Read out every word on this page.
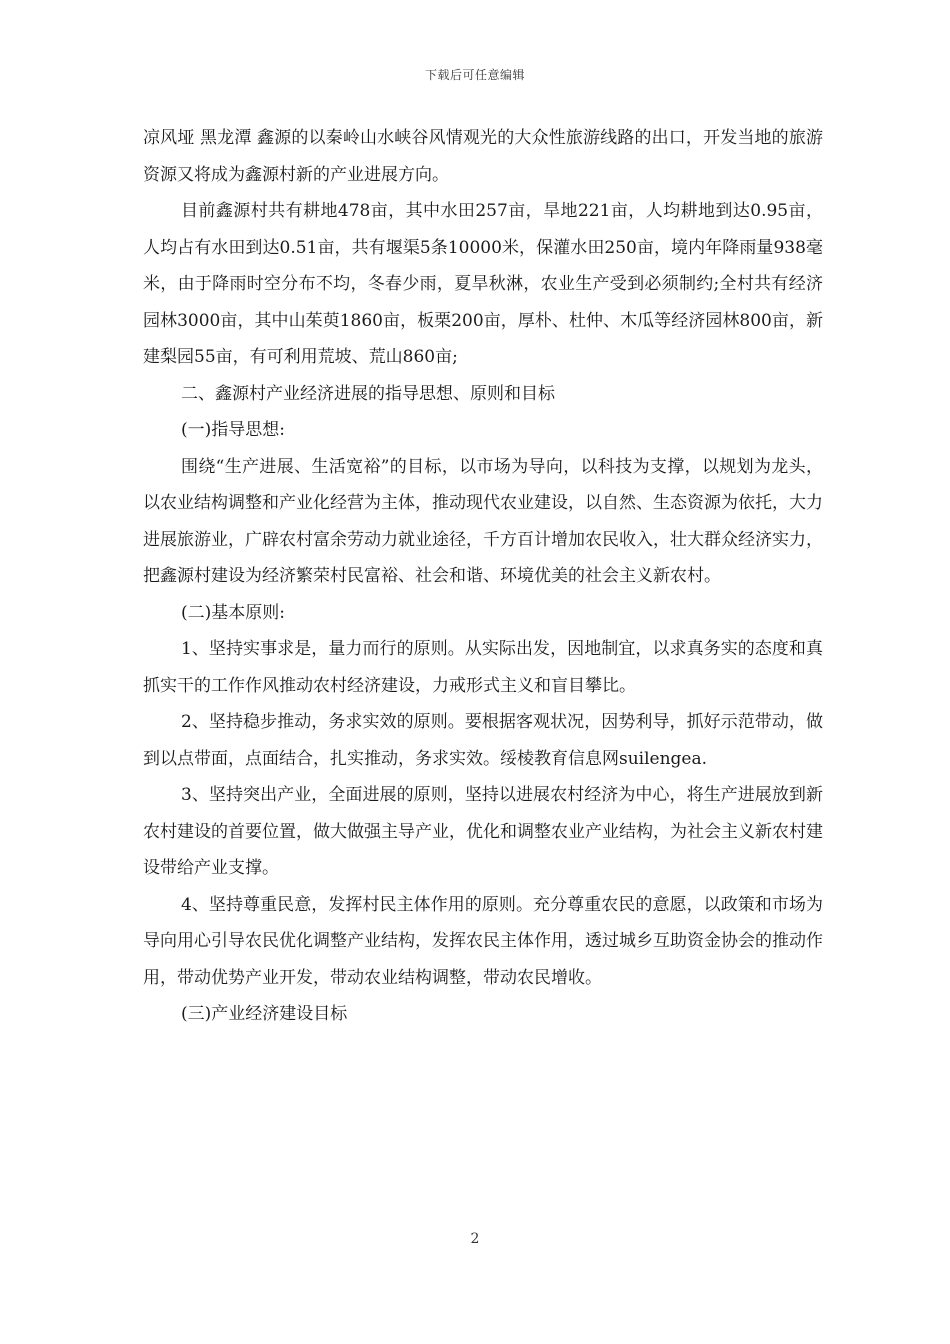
下载后可任意编辑

凉风垭 黑龙潭 鑫源的以秦岭山水峡谷风情观光的大众性旅游线路的出口，开发当地的旅游资源又将成为鑫源村新的产业进展方向。

目前鑫源村共有耕地478亩，其中水田257亩，旱地221亩，人均耕地到达0.95亩，人均占有水田到达0.51亩，共有堰渠5条10000米，保灌水田250亩，境内年降雨量938毫米，由于降雨时空分布不均，冬春少雨，夏旱秋淋，农业生产受到必须制约;全村共有经济园林3000亩，其中山茱萸1860亩，板栗200亩，厚朴、杜仲、木瓜等经济园林800亩，新建梨园55亩，有可利用荒坡、荒山860亩;

二、鑫源村产业经济进展的指导思想、原则和目标

(一)指导思想:

围绕“生产进展、生活宽裕”的目标，以市场为导向，以科技为支撑，以规划为龙头，以农业结构调整和产业化经营为主体，推动现代农业建设，以自然、生态资源为依托，大力进展旅游业，广辟农村富余劳动力就业途径，千方百计增加农民收入，壮大群众经济实力，把鑫源村建设为经济繁荣村民富裕、社会和谐、环境优美的社会主义新农村。

(二)基本原则:

1、坚持实事求是，量力而行的原则。从实际出发，因地制宜，以求真务实的态度和真抓实干的工作作风推动农村经济建设，力戒形式主义和盲目攀比。

2、坚持稳步推动，务求实效的原则。要根据客观状况，因势利导，抓好示范带动，做到以点带面，点面结合，扎实推动，务求实效。绥棱教育信息网suilengea.

3、坚持突出产业，全面进展的原则，坚持以进展农村经济为中心，将生产进展放到新农村建设的首要位置，做大做强主导产业，优化和调整农业产业结构，为社会主义新农村建设带给产业支撑。

4、坚持尊重民意，发挥村民主体作用的原则。充分尊重农民的意愿，以政策和市场为导向用心引导农民优化调整产业结构，发挥农民主体作用，透过城乡互助资金协会的推动作用，带动优势产业开发，带动农业结构调整，带动农民增收。

(三)产业经济建设目标

2
